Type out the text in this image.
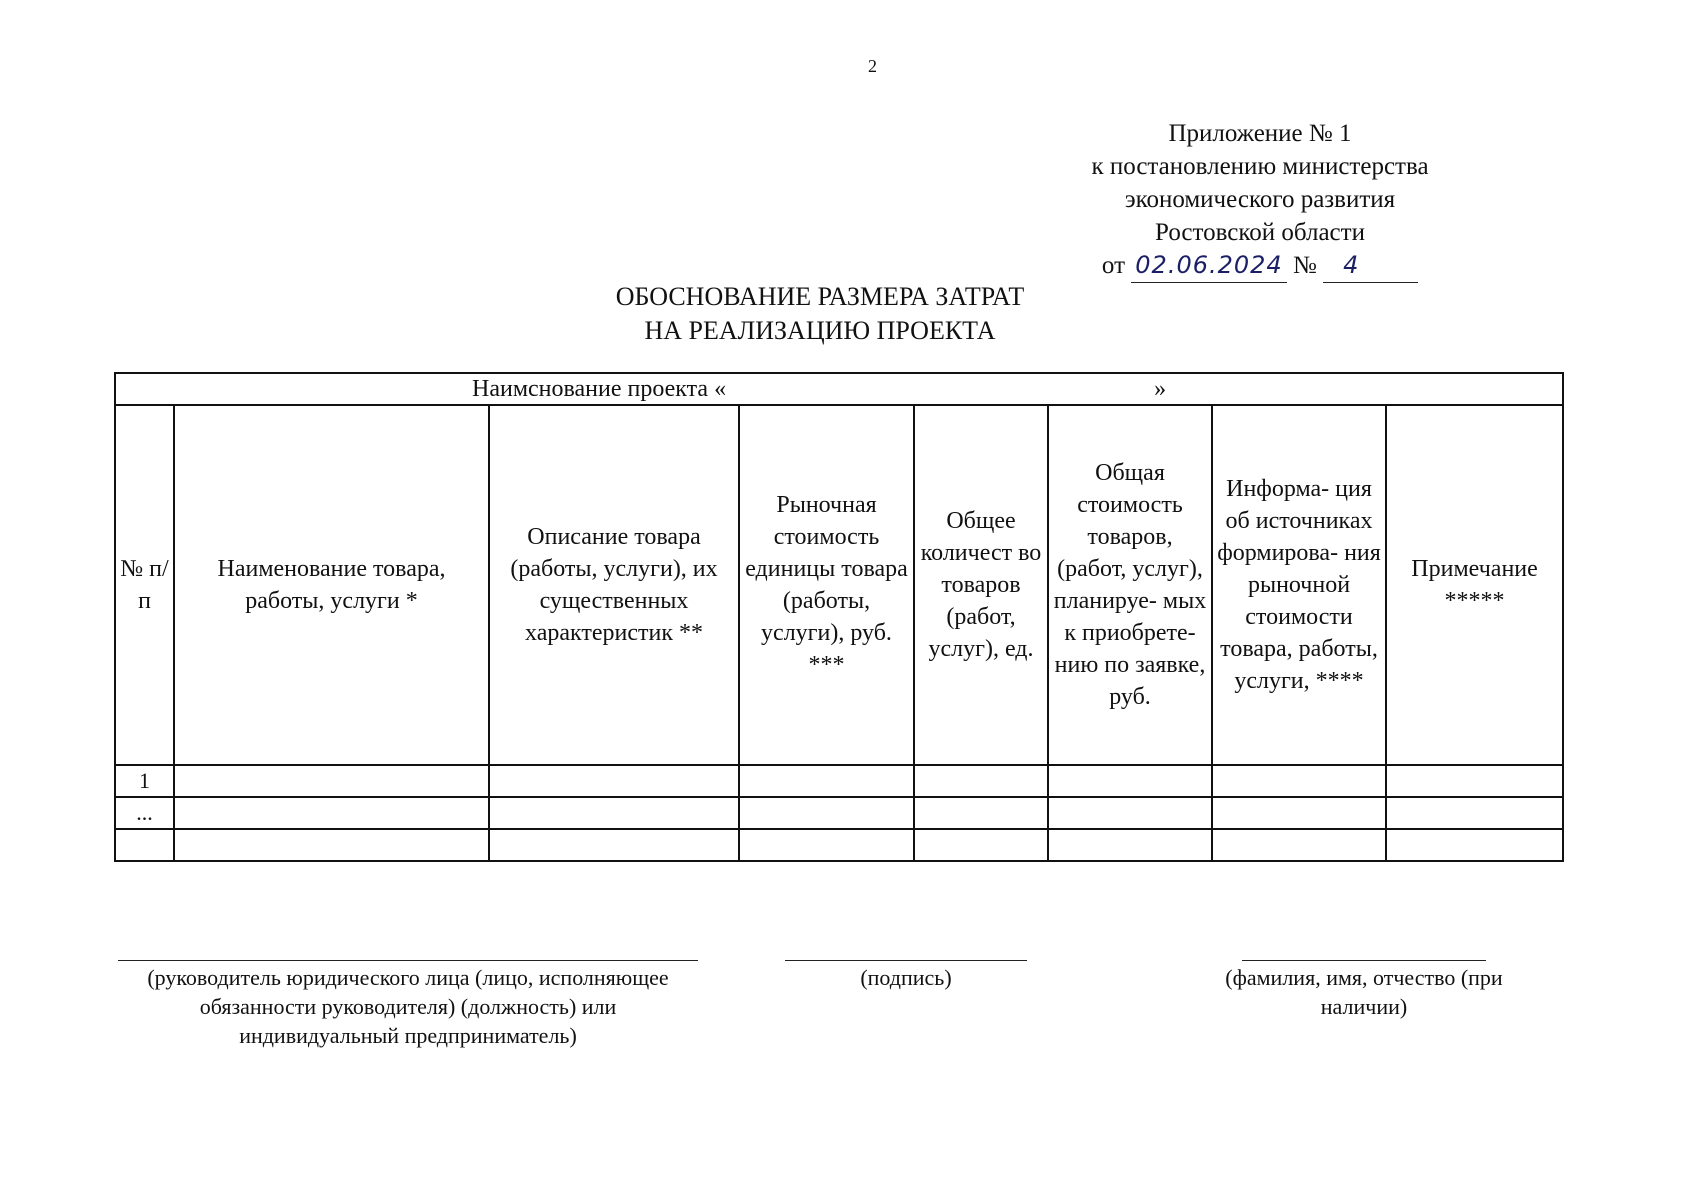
2
Приложение № 1
к постановлению министерства
экономического развития
Ростовской области
от 02.06.2024 № 4
ОБОСНОВАНИЕ РАЗМЕРА ЗАТРАТ
НА РЕАЛИЗАЦИЮ ПРОЕКТА
Наимснование проекта « »							
№ п/ п	Наименование товара, работы, услуги *	Описание товара (работы, услуги), их существенных характеристик **	Рыночная стоимость единицы товара (работы, услуги), руб. ***	Общее количест во товаров (работ, услуг), ед.	Общая стоимость товаров, (работ, услуг), планируе- мых к приобрете- нию по заявке, руб.	Информа- ция об источниках формирова- ния рыночной стоимости товара, работы, услуги, ****	Примечание *****
1							
...							

(руководитель юридического лица (лицо, исполняющее обязанности руководителя) (должность) или индивидуальный предприниматель)
(подпись)	(фамилия, имя, отчество (при наличии)
